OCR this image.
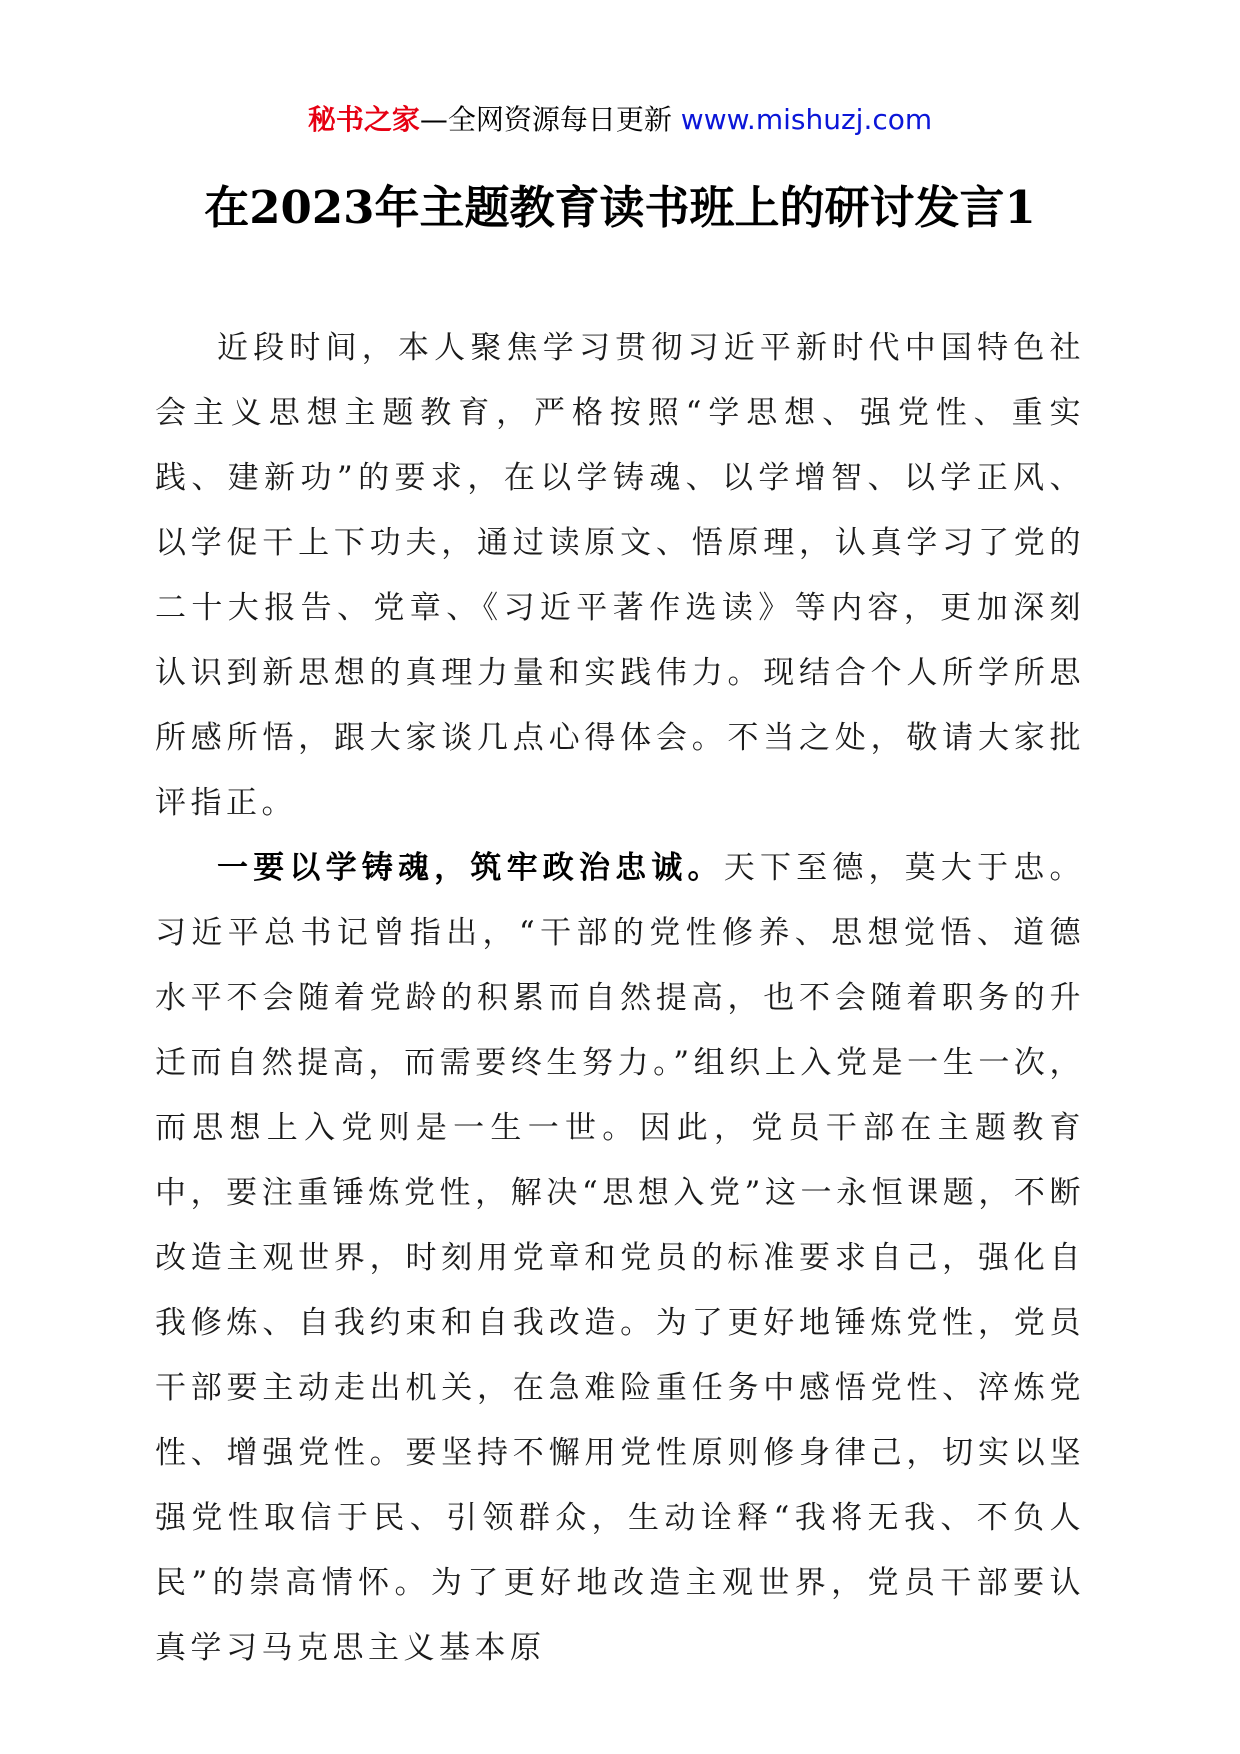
秘书之家—全网资源每日更新 www.mishuzj.com
在2023年主题教育读书班上的研讨发言1

近段时间，本人聚焦学习贯彻习近平新时代中国特色社会主义思想主题教育，严格按照“学思想、强党性、重实践、建新功”的要求，在以学铸魂、以学增智、以学正风、以学促干上下功夫，通过读原文、悟原理，认真学习了党的二十大报告、党章、《习近平著作选读》等内容，更加深刻认识到新思想的真理力量和实践伟力。现结合个人所学所思所感所悟，跟大家谈几点心得体会。不当之处，敬请大家批评指正。

一要以学铸魂，筑牢政治忠诚。天下至德，莫大于忠。习近平总书记曾指出，“干部的党性修养、思想觉悟、道德水平不会随着党龄的积累而自然提高，也不会随着职务的升迁而自然提高，而需要终生努力。”组织上入党是一生一次，而思想上入党则是一生一世。因此，党员干部在主题教育中，要注重锤炼党性，解决“思想入党”这一永恒课题，不断改造主观世界，时刻用党章和党员的标准要求自己，强化自我修炼、自我约束和自我改造。为了更好地锤炼党性，党员干部要主动走出机关，在急难险重任务中感悟党性、淬炼党性、增强党性。要坚持不懈用党性原则修身律己，切实以坚强党性取信于民、引领群众，生动诠释“我将无我、不负人民”的崇高情怀。为了更好地改造主观世界，党员干部要认真学习马克思主义基本原
